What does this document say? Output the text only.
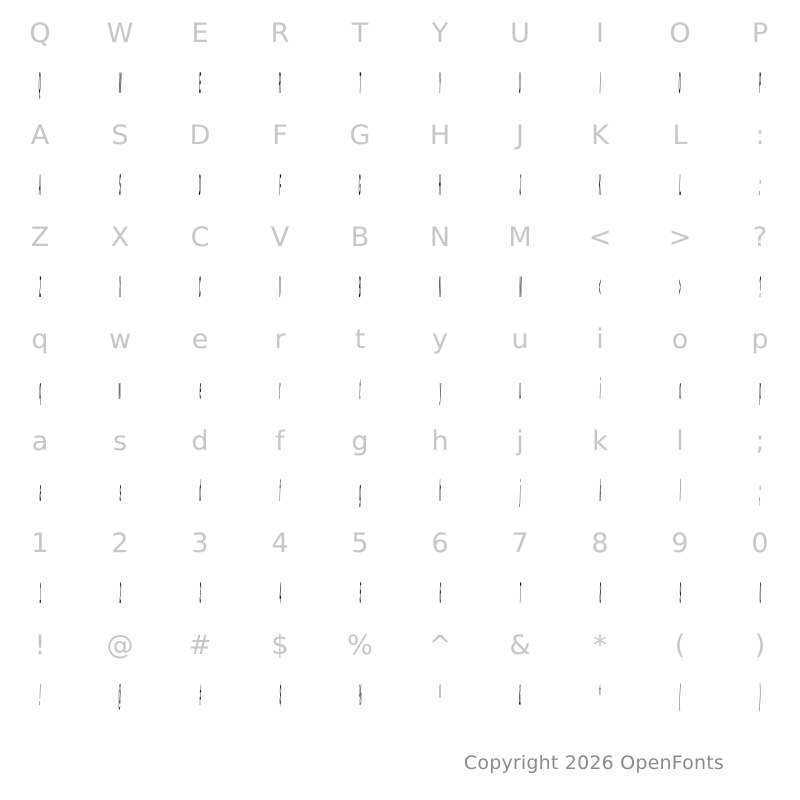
Q W E R T Y U I O P
Q	W	E	R	T	Y	U	I	O	P
A S D F G H J K L	:
A	S	D	F	G	H	J	K	L	:
Z X C V B N M < > ?
Z	X	C	V	B	N	M	<	>	?
q w e r	t y u	i	o p
q	w	e	r	t	y	u	i	o	p
a s d f g h	j	k	l	;
a	s	d	f	g	h	j	k	l	;
1 2 3 4 5 6 7 8 9 0
1	2	3	4	5	6	7	8	9	0
! @ # $ % ^ & *	(	)
!	@	#	$	%	^	&	*	(	)
Copyright 2026 OpenFonts
